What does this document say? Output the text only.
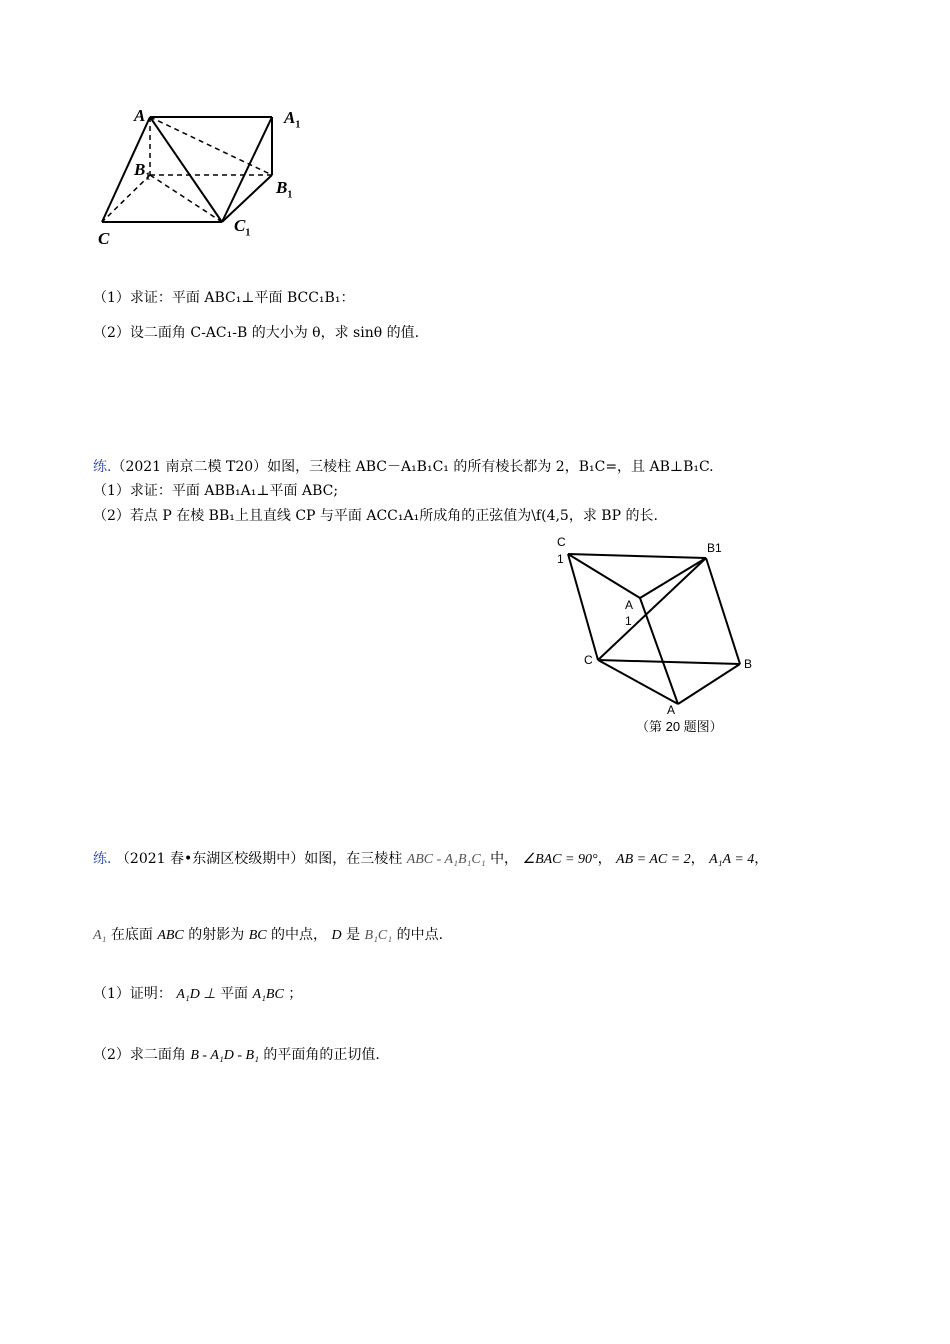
A	$A_1$
$B_1$
$B_1$
C
$C_1$
（1）求证：平面 ABC₁⊥平面 BCC₁B₁：
（2）设二面角 C-AC₁-B 的大小为 θ，求 sinθ 的值.
练.（2021 南京二模 T20）如图，三棱柱 ABC－A₁B₁C₁ 的所有棱长都为 2，B₁C=，且 AB⊥B₁C.
（1）求证：平面 ABB₁A₁⊥平面 ABC;
（2）若点 P 在棱 BB₁上且直线 CP 与平面 ACC₁A₁所成角的正弦值为\f(4,5，求 BP 的长.
C
1
B1
A
1
C	B
A
（第 20 题图）
练. （2021 春•东湖区校级期中）如图，在三棱柱 ABC - A₁B₁C₁ 中， ∠BAC = 90°， AB = AC = 2， A₁A = 4，
A₁ 在底面 ABC 的射影为 BC 的中点， D 是 B₁C₁ 的中点.
（1）证明： A₁D ⊥ 平面 A₁BC ；
（2）求二面角 B - A₁D - B₁ 的平面角的正切值.
